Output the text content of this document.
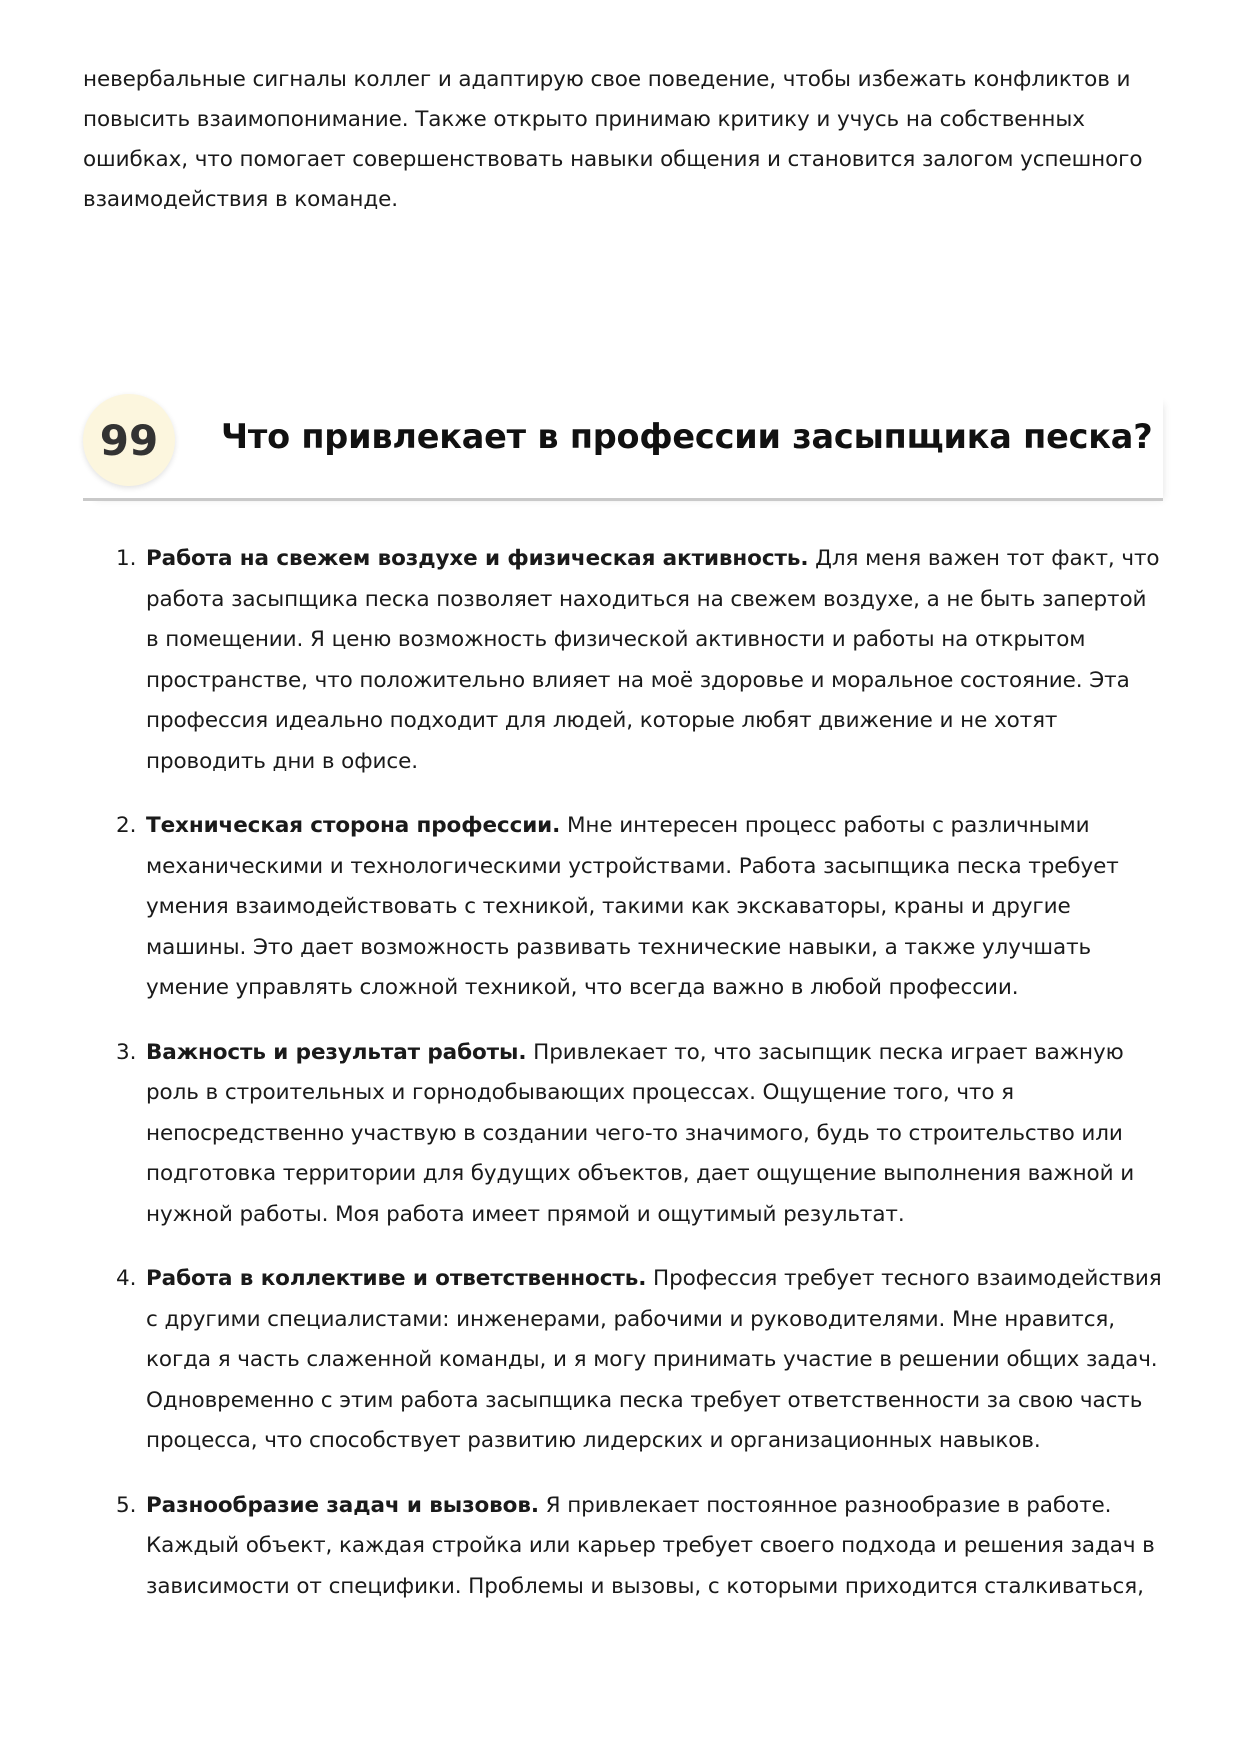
невербальные сигналы коллег и адаптирую свое поведение, чтобы избежать конфликтов и повысить взаимопонимание. Также открыто принимаю критику и учусь на собственных ошибках, что помогает совершенствовать навыки общения и становится залогом успешного взаимодействия в команде.

99	Что привлекает в профессии засыпщика песка?
1. Работа на свежем воздухе и физическая активность. Для меня важен тот факт, что работа засыпщика песка позволяет находиться на свежем воздухе, а не быть запертой в помещении. Я ценю возможность физической активности и работы на открытом пространстве, что положительно влияет на моё здоровье и моральное состояние. Эта профессия идеально подходит для людей, которые любят движение и не хотят проводить дни в офисе.
2. Техническая сторона профессии. Мне интересен процесс работы с различными механическими и технологическими устройствами. Работа засыпщика песка требует умения взаимодействовать с техникой, такими как экскаваторы, краны и другие машины. Это дает возможность развивать технические навыки, а также улучшать умение управлять сложной техникой, что всегда важно в любой профессии.
3. Важность и результат работы. Привлекает то, что засыпщик песка играет важную роль в строительных и горнодобывающих процессах. Ощущение того, что я непосредственно участвую в создании чего-то значимого, будь то строительство или подготовка территории для будущих объектов, дает ощущение выполнения важной и нужной работы. Моя работа имеет прямой и ощутимый результат.
4. Работа в коллективе и ответственность. Профессия требует тесного взаимодействия с другими специалистами: инженерами, рабочими и руководителями. Мне нравится, когда я часть слаженной команды, и я могу принимать участие в решении общих задач. Одновременно с этим работа засыпщика песка требует ответственности за свою часть процесса, что способствует развитию лидерских и организационных навыков.
5. Разнообразие задач и вызовов. Я привлекает постоянное разнообразие в работе. Каждый объект, каждая стройка или карьер требует своего подхода и решения задач в зависимости от специфики. Проблемы и вызовы, с которыми приходится сталкиваться,
